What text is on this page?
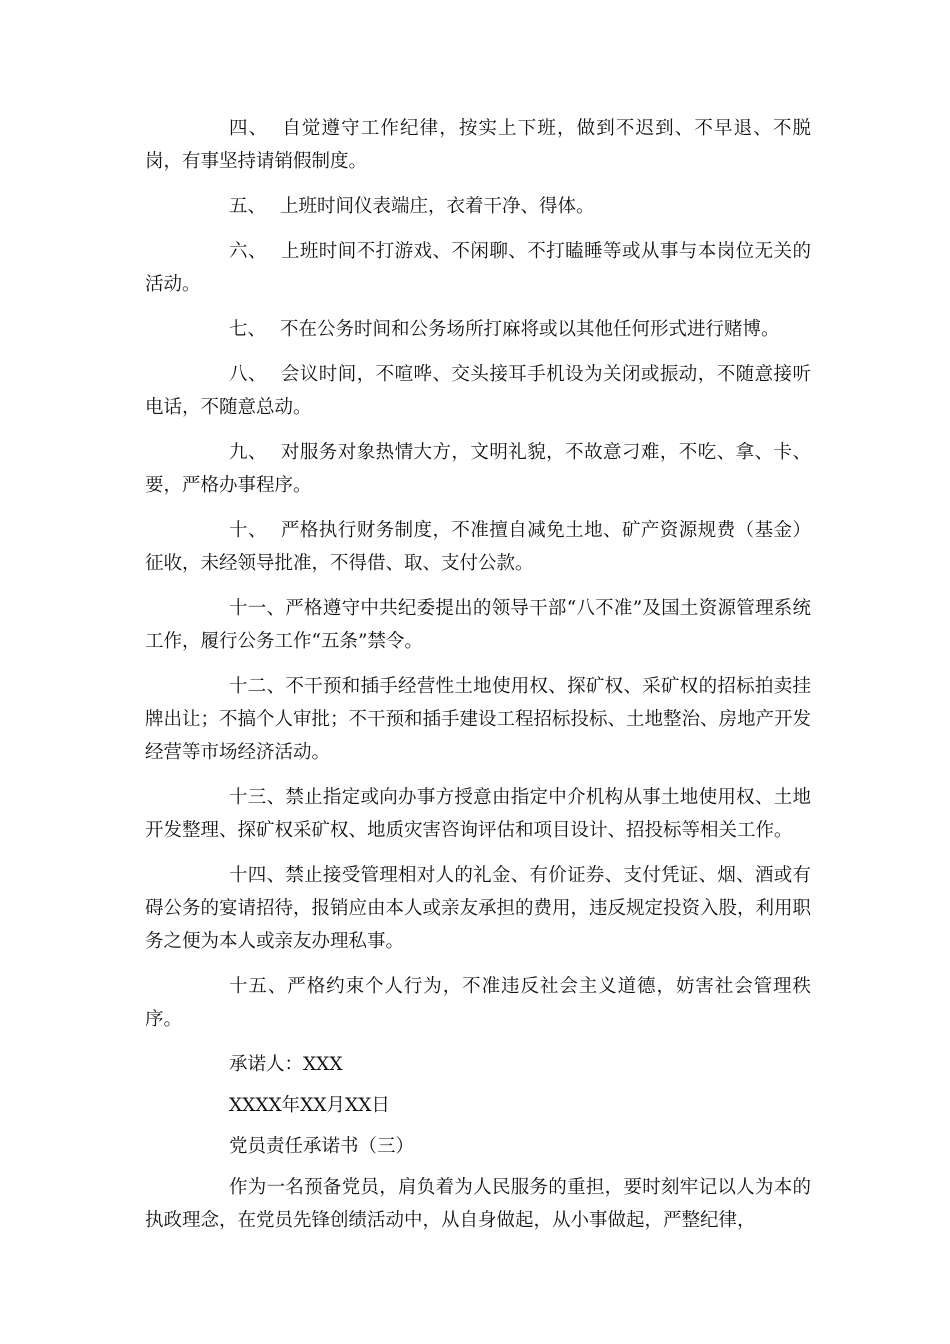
四、 自觉遵守工作纪律，按实上下班，做到不迟到、不早退、不脱岗，有事坚持请销假制度。

五、 上班时间仪表端庄，衣着干净、得体。

六、 上班时间不打游戏、不闲聊、不打瞌睡等或从事与本岗位无关的活动。

七、 不在公务时间和公务场所打麻将或以其他任何形式进行赌博。

八、 会议时间，不喧哗、交头接耳手机设为关闭或振动，不随意接听电话，不随意总动。

九、 对服务对象热情大方，文明礼貌，不故意刁难，不吃、拿、卡、要，严格办事程序。

十、 严格执行财务制度，不准擅自减免土地、矿产资源规费（基金）征收，未经领导批准，不得借、取、支付公款。

十一、严格遵守中共纪委提出的领导干部“八不准”及国土资源管理系统工作，履行公务工作“五条”禁令。

十二、不干预和插手经营性土地使用权、探矿权、采矿权的招标拍卖挂牌出让；不搞个人审批；不干预和插手建设工程招标投标、土地整治、房地产开发经营等市场经济活动。

十三、禁止指定或向办事方授意由指定中介机构从事土地使用权、土地开发整理、探矿权采矿权、地质灾害咨询评估和项目设计、招投标等相关工作。

十四、禁止接受管理相对人的礼金、有价证券、支付凭证、烟、酒或有碍公务的宴请招待，报销应由本人或亲友承担的费用，违反规定投资入股，利用职务之便为本人或亲友办理私事。

十五、严格约束个人行为，不准违反社会主义道德，妨害社会管理秩序。

承诺人：XXX

XXXX年XX月XX日

党员责任承诺书（三）

作为一名预备党员，肩负着为人民服务的重担，要时刻牢记以人为本的执政理念，在党员先锋创绩活动中，从自身做起，从小事做起，严整纪律，
